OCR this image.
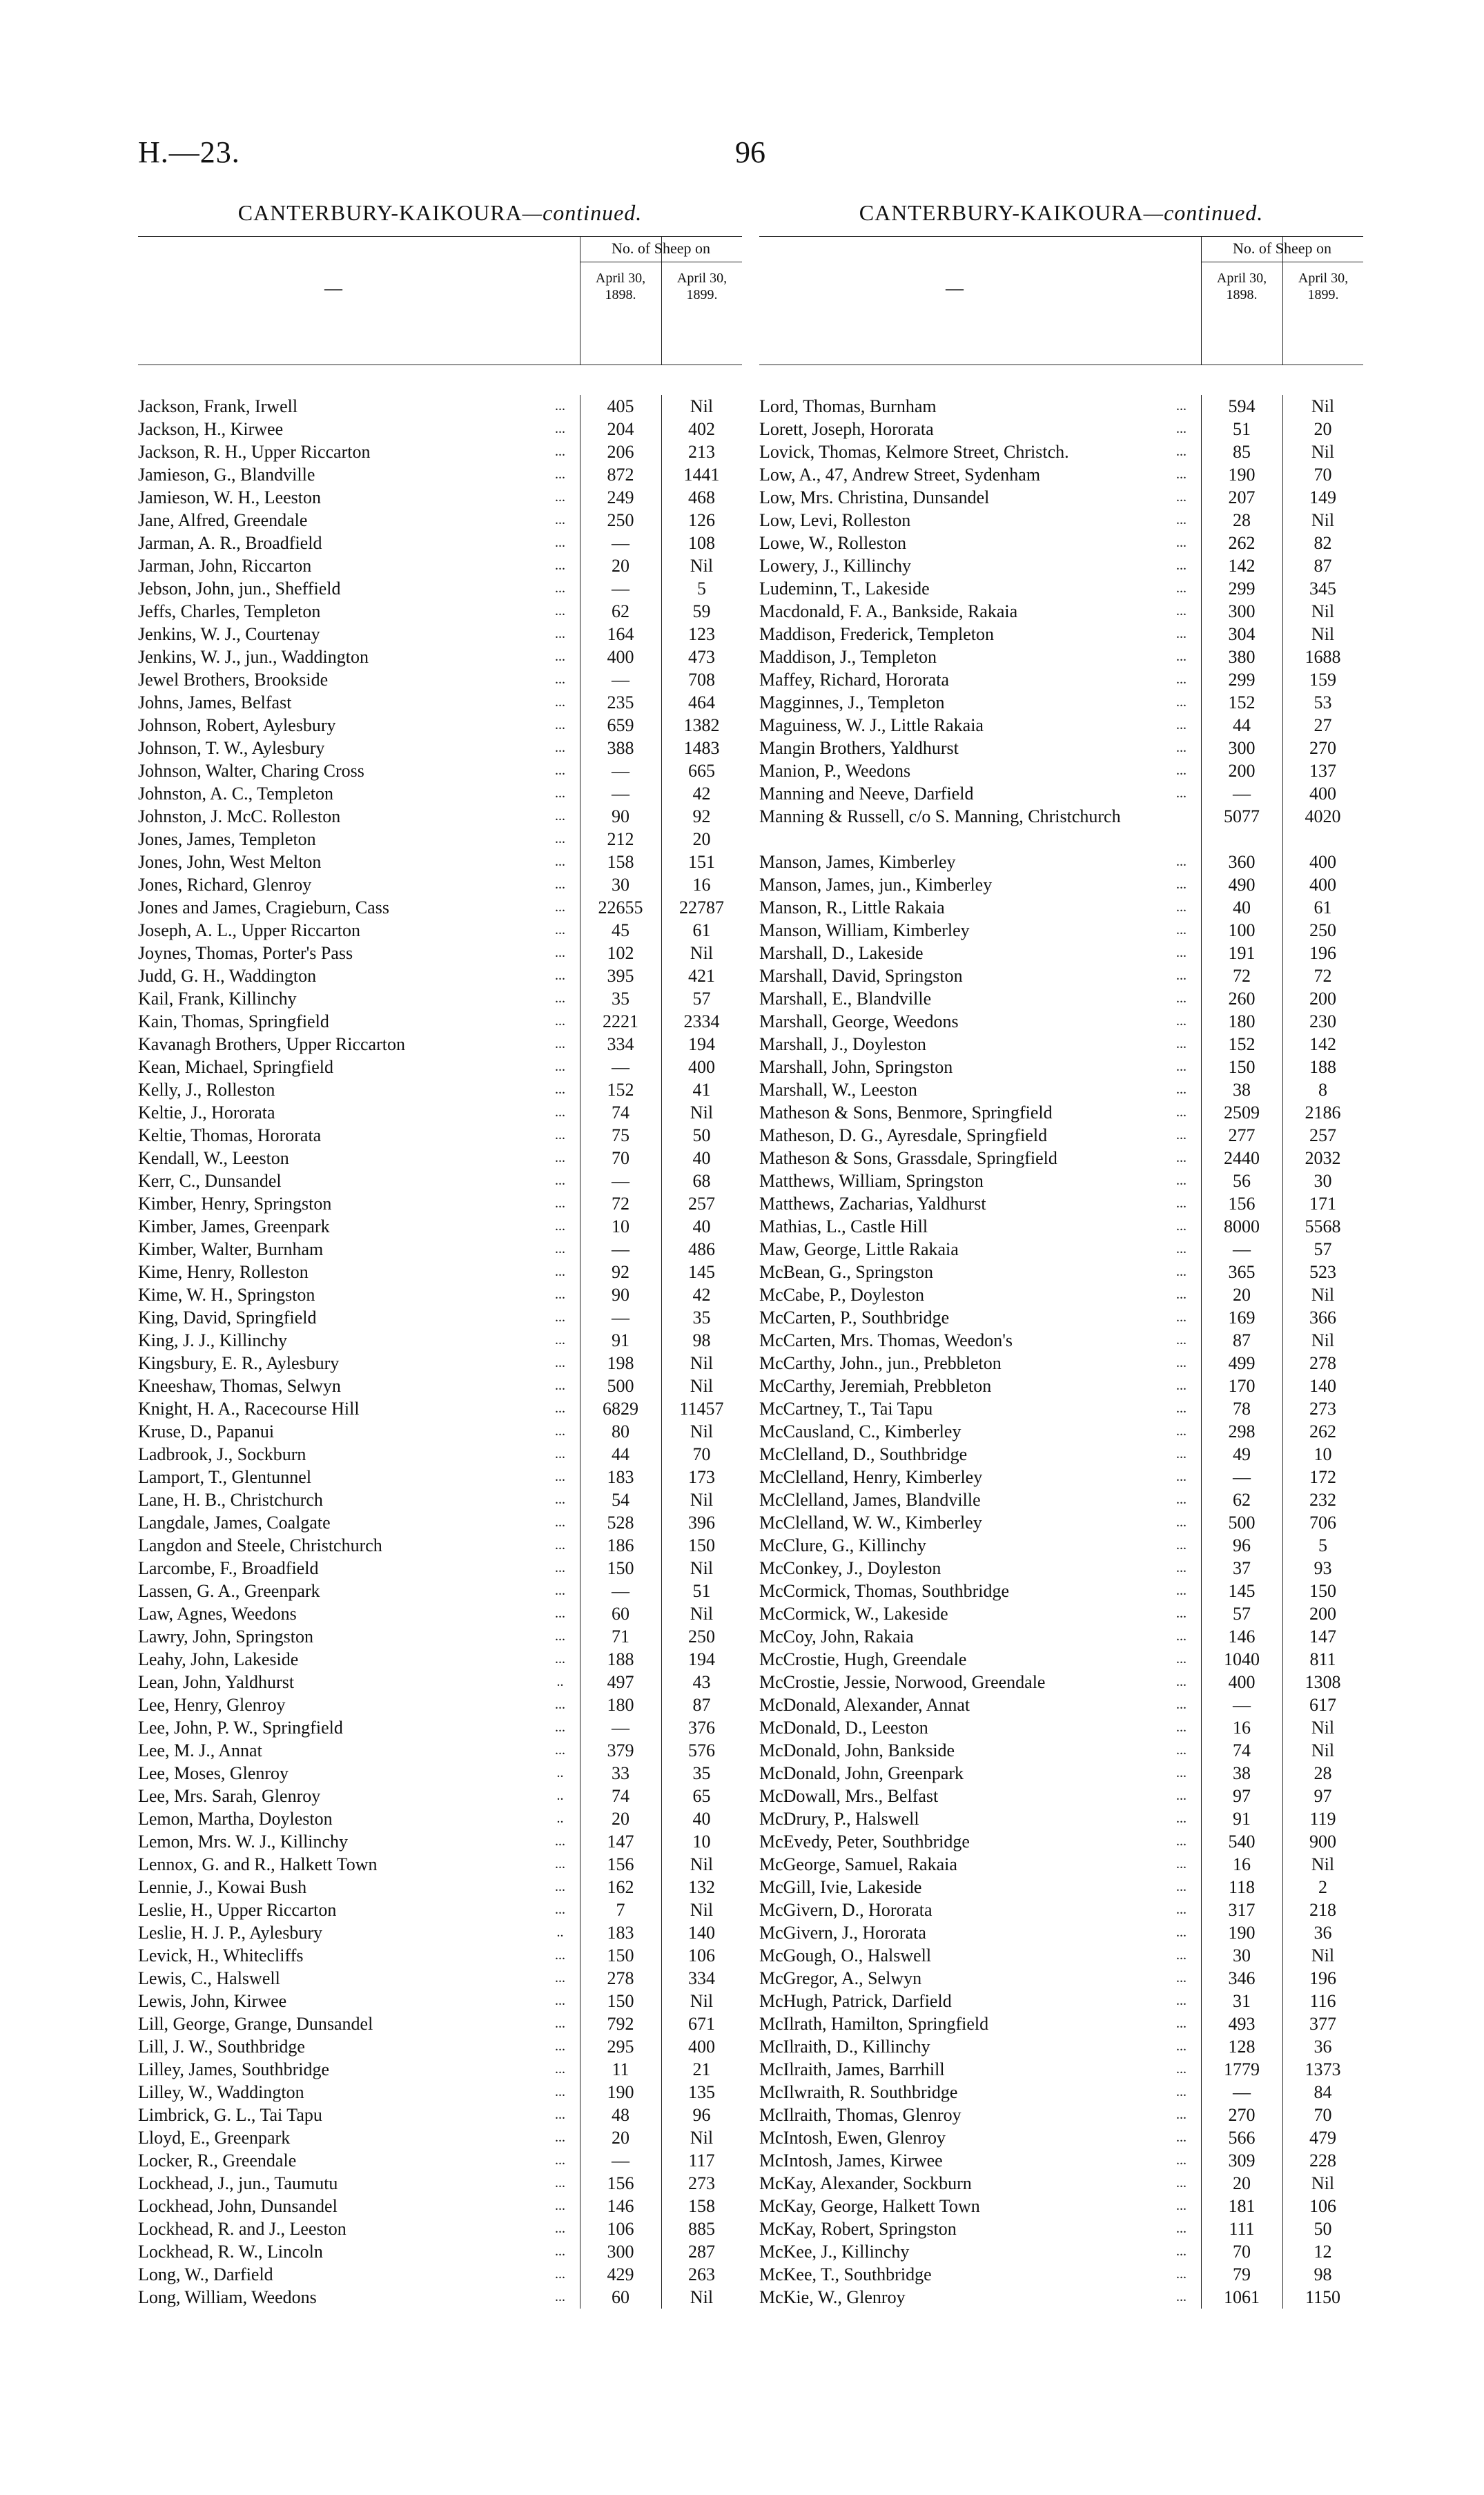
H.—23.	96
CANTERBURY-KAIKOURA—continued.
—
No. of Sheep on
April 30, 1898.
April 30, 1899.
Jackson, Frank, Irwell	...	405	Nil
Jackson, H., Kirwee	...	204	402
Jackson, R. H., Upper Riccarton	...	206	213
Jamieson, G., Blandville	...	872	1441
Jamieson, W. H., Leeston	...	249	468
Jane, Alfred, Greendale	...	250	126
Jarman, A. R., Broadfield	...	—	108
Jarman, John, Riccarton	...	20	Nil
Jebson, John, jun., Sheffield	...	—	5
Jeffs, Charles, Templeton	...	62	59
Jenkins, W. J., Courtenay	...	164	123
Jenkins, W. J., jun., Waddington	...	400	473
Jewel Brothers, Brookside	...	—	708
Johns, James, Belfast	...	235	464
Johnson, Robert, Aylesbury	...	659	1382
Johnson, T. W., Aylesbury	...	388	1483
Johnson, Walter, Charing Cross	...	—	665
Johnston, A. C., Templeton	...	—	42
Johnston, J. McC. Rolleston	...	90	92
Jones, James, Templeton	...	212	20
Jones, John, West Melton	...	158	151
Jones, Richard, Glenroy	...	30	16
Jones and James, Cragieburn, Cass	...	22655	22787
Joseph, A. L., Upper Riccarton	...	45	61
Joynes, Thomas, Porter's Pass	...	102	Nil
Judd, G. H., Waddington	...	395	421
Kail, Frank, Killinchy	...	35	57
Kain, Thomas, Springfield	...	2221	2334
Kavanagh Brothers, Upper Riccarton	...	334	194
Kean, Michael, Springfield	...	—	400
Kelly, J., Rolleston	...	152	41
Keltie, J., Hororata	...	74	Nil
Keltie, Thomas, Hororata	...	75	50
Kendall, W., Leeston	...	70	40
Kerr, C., Dunsandel	...	—	68
Kimber, Henry, Springston	...	72	257
Kimber, James, Greenpark	...	10	40
Kimber, Walter, Burnham	...	—	486
Kime, Henry, Rolleston	...	92	145
Kime, W. H., Springston	...	90	42
King, David, Springfield	...	—	35
King, J. J., Killinchy	...	91	98
Kingsbury, E. R., Aylesbury	...	198	Nil
Kneeshaw, Thomas, Selwyn	...	500	Nil
Knight, H. A., Racecourse Hill	...	6829	11457
Kruse, D., Papanui	...	80	Nil
Ladbrook, J., Sockburn	...	44	70
Lamport, T., Glentunnel	...	183	173
Lane, H. B., Christchurch	...	54	Nil
Langdale, James, Coalgate	...	528	396
Langdon and Steele, Christchurch	...	186	150
Larcombe, F., Broadfield	...	150	Nil
Lassen, G. A., Greenpark	...	—	51
Law, Agnes, Weedons	...	60	Nil
Lawry, John, Springston	...	71	250
Leahy, John, Lakeside	...	188	194
Lean, John, Yaldhurst	..	497	43
Lee, Henry, Glenroy	...	180	87
Lee, John, P. W., Springfield	...	—	376
Lee, M. J., Annat	...	379	576
Lee, Moses, Glenroy	..	33	35
Lee, Mrs. Sarah, Glenroy	..	74	65
Lemon, Martha, Doyleston	..	20	40
Lemon, Mrs. W. J., Killinchy	...	147	10
Lennox, G. and R., Halkett Town	...	156	Nil
Lennie, J., Kowai Bush	...	162	132
Leslie, H., Upper Riccarton	...	7	Nil
Leslie, H. J. P., Aylesbury	..	183	140
Levick, H., Whitecliffs	...	150	106
Lewis, C., Halswell	...	278	334
Lewis, John, Kirwee	...	150	Nil
Lill, George, Grange, Dunsandel	...	792	671
Lill, J. W., Southbridge	...	295	400
Lilley, James, Southbridge	...	11	21
Lilley, W., Waddington	...	190	135
Limbrick, G. L., Tai Tapu	...	48	96
Lloyd, E., Greenpark	...	20	Nil
Locker, R., Greendale	...	—	117
Lockhead, J., jun., Taumutu	...	156	273
Lockhead, John, Dunsandel	...	146	158
Lockhead, R. and J., Leeston	...	106	885
Lockhead, R. W., Lincoln	...	300	287
Long, W., Darfield	...	429	263
Long, William, Weedons	...	60	Nil
CANTERBURY-KAIKOURA—continued.
—
No. of Sheep on
April 30, 1898.
April 30, 1899.
Lord, Thomas, Burnham	...	594	Nil
Lorett, Joseph, Hororata	...	51	20
Lovick, Thomas, Kelmore Street, Christch.	...	85	Nil
Low, A., 47, Andrew Street, Sydenham	...	190	70
Low, Mrs. Christina, Dunsandel	...	207	149
Low, Levi, Rolleston	...	28	Nil
Lowe, W., Rolleston	...	262	82
Lowery, J., Killinchy	...	142	87
Ludeminn, T., Lakeside	...	299	345
Macdonald, F. A., Bankside, Rakaia	...	300	Nil
Maddison, Frederick, Templeton	...	304	Nil
Maddison, J., Templeton	...	380	1688
Maffey, Richard, Hororata	...	299	159
Magginnes, J., Templeton	...	152	53
Maguiness, W. J., Little Rakaia	...	44	27
Mangin Brothers, Yaldhurst	...	300	270
Manion, P., Weedons	...	200	137
Manning and Neeve, Darfield	...	—	400
Manning & Russell, c/o S. Manning, Christchurch	5077	4020
Manson, James, Kimberley	...	360	400
Manson, James, jun., Kimberley	...	490	400
Manson, R., Little Rakaia	...	40	61
Manson, William, Kimberley	...	100	250
Marshall, D., Lakeside	...	191	196
Marshall, David, Springston	...	72	72
Marshall, E., Blandville	...	260	200
Marshall, George, Weedons	...	180	230
Marshall, J., Doyleston	...	152	142
Marshall, John, Springston	...	150	188
Marshall, W., Leeston	...	38	8
Matheson & Sons, Benmore, Springfield	...	2509	2186
Matheson, D. G., Ayresdale, Springfield	...	277	257
Matheson & Sons, Grassdale, Springfield	...	2440	2032
Matthews, William, Springston	...	56	30
Matthews, Zacharias, Yaldhurst	...	156	171
Mathias, L., Castle Hill	...	8000	5568
Maw, George, Little Rakaia	...	—	57
McBean, G., Springston	...	365	523
McCabe, P., Doyleston	...	20	Nil
McCarten, P., Southbridge	...	169	366
McCarten, Mrs. Thomas, Weedon's	...	87	Nil
McCarthy, John., jun., Prebbleton	...	499	278
McCarthy, Jeremiah, Prebbleton	...	170	140
McCartney, T., Tai Tapu	...	78	273
McCausland, C., Kimberley	...	298	262
McClelland, D., Southbridge	...	49	10
McClelland, Henry, Kimberley	...	—	172
McClelland, James, Blandville	...	62	232
McClelland, W. W., Kimberley	...	500	706
McClure, G., Killinchy	...	96	5
McConkey, J., Doyleston	...	37	93
McCormick, Thomas, Southbridge	...	145	150
McCormick, W., Lakeside	...	57	200
McCoy, John, Rakaia	...	146	147
McCrostie, Hugh, Greendale	...	1040	811
McCrostie, Jessie, Norwood, Greendale	...	400	1308
McDonald, Alexander, Annat	...	—	617
McDonald, D., Leeston	...	16	Nil
McDonald, John, Bankside	...	74	Nil
McDonald, John, Greenpark	...	38	28
McDowall, Mrs., Belfast	...	97	97
McDrury, P., Halswell	...	91	119
McEvedy, Peter, Southbridge	...	540	900
McGeorge, Samuel, Rakaia	...	16	Nil
McGill, Ivie, Lakeside	...	118	2
McGivern, D., Hororata	...	317	218
McGivern, J., Hororata	...	190	36
McGough, O., Halswell	...	30	Nil
McGregor, A., Selwyn	...	346	196
McHugh, Patrick, Darfield	...	31	116
McIlrath, Hamilton, Springfield	...	493	377
McIlraith, D., Killinchy	...	128	36
McIlraith, James, Barrhill	...	1779	1373
McIlwraith, R. Southbridge	...	—	84
McIlraith, Thomas, Glenroy	...	270	70
McIntosh, Ewen, Glenroy	...	566	479
McIntosh, James, Kirwee	...	309	228
McKay, Alexander, Sockburn	...	20	Nil
McKay, George, Halkett Town	...	181	106
McKay, Robert, Springston	...	111	50
McKee, J., Killinchy	...	70	12
McKee, T., Southbridge	...	79	98
McKie, W., Glenroy	...	1061	1150
